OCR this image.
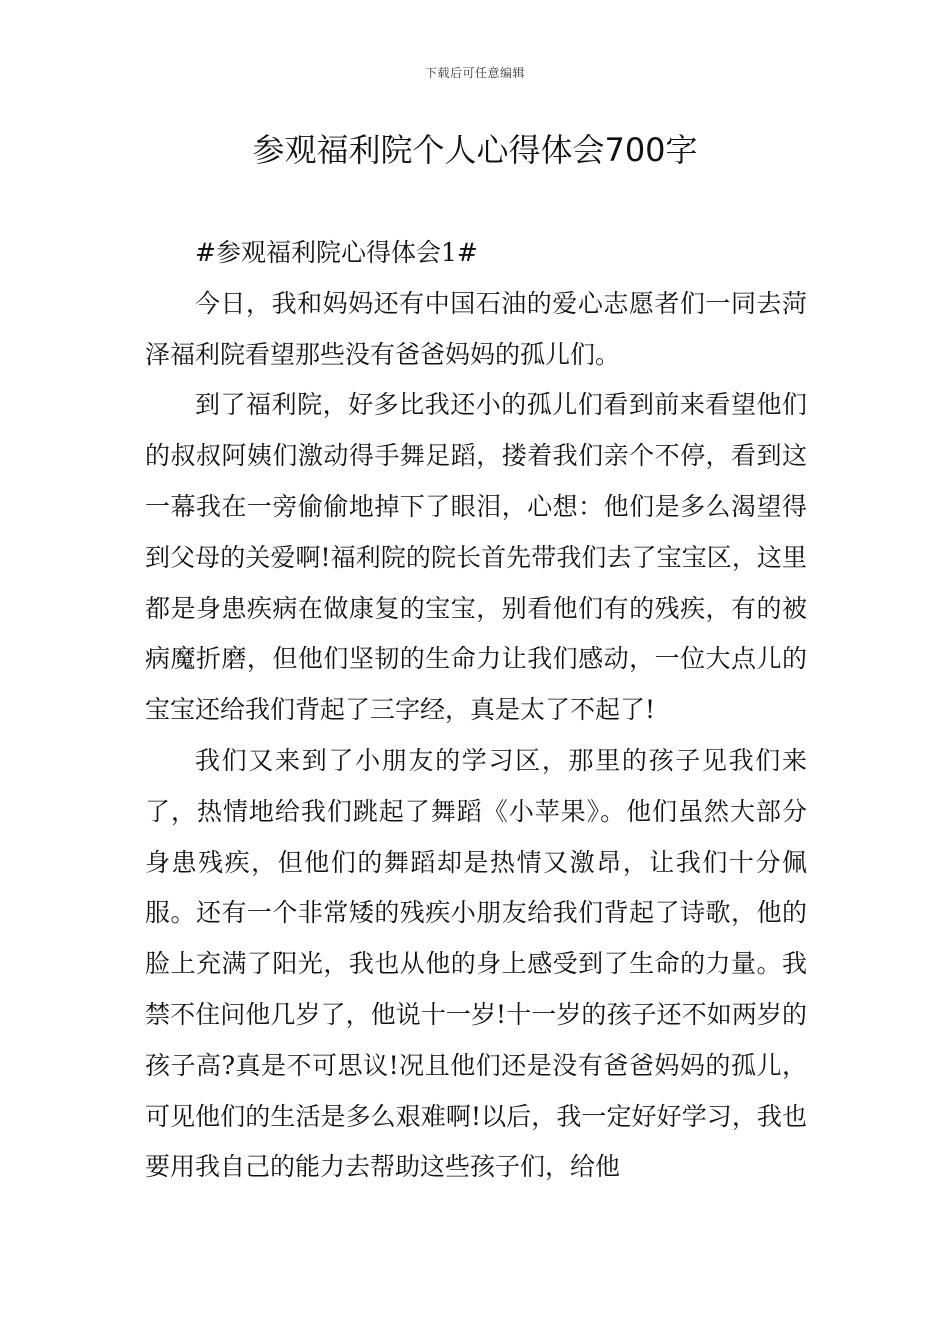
下载后可任意编辑
参观福利院个人心得体会700字

#参观福利院心得体会1#

今日，我和妈妈还有中国石油的爱心志愿者们一同去菏泽福利院看望那些没有爸爸妈妈的孤儿们。

到了福利院，好多比我还小的孤儿们看到前来看望他们的叔叔阿姨们激动得手舞足蹈，搂着我们亲个不停，看到这一幕我在一旁偷偷地掉下了眼泪，心想：他们是多么渴望得到父母的关爱啊!福利院的院长首先带我们去了宝宝区，这里都是身患疾病在做康复的宝宝，别看他们有的残疾，有的被病魔折磨，但他们坚韧的生命力让我们感动，一位大点儿的宝宝还给我们背起了三字经，真是太了不起了!

我们又来到了小朋友的学习区，那里的孩子见我们来了，热情地给我们跳起了舞蹈《小苹果》。他们虽然大部分身患残疾，但他们的舞蹈却是热情又激昂，让我们十分佩服。还有一个非常矮的残疾小朋友给我们背起了诗歌，他的脸上充满了阳光，我也从他的身上感受到了生命的力量。我禁不住问他几岁了，他说十一岁!十一岁的孩子还不如两岁的孩子高?真是不可思议!况且他们还是没有爸爸妈妈的孤儿，可见他们的生活是多么艰难啊!以后，我一定好好学习，我也要用我自己的能力去帮助这些孩子们，给他
